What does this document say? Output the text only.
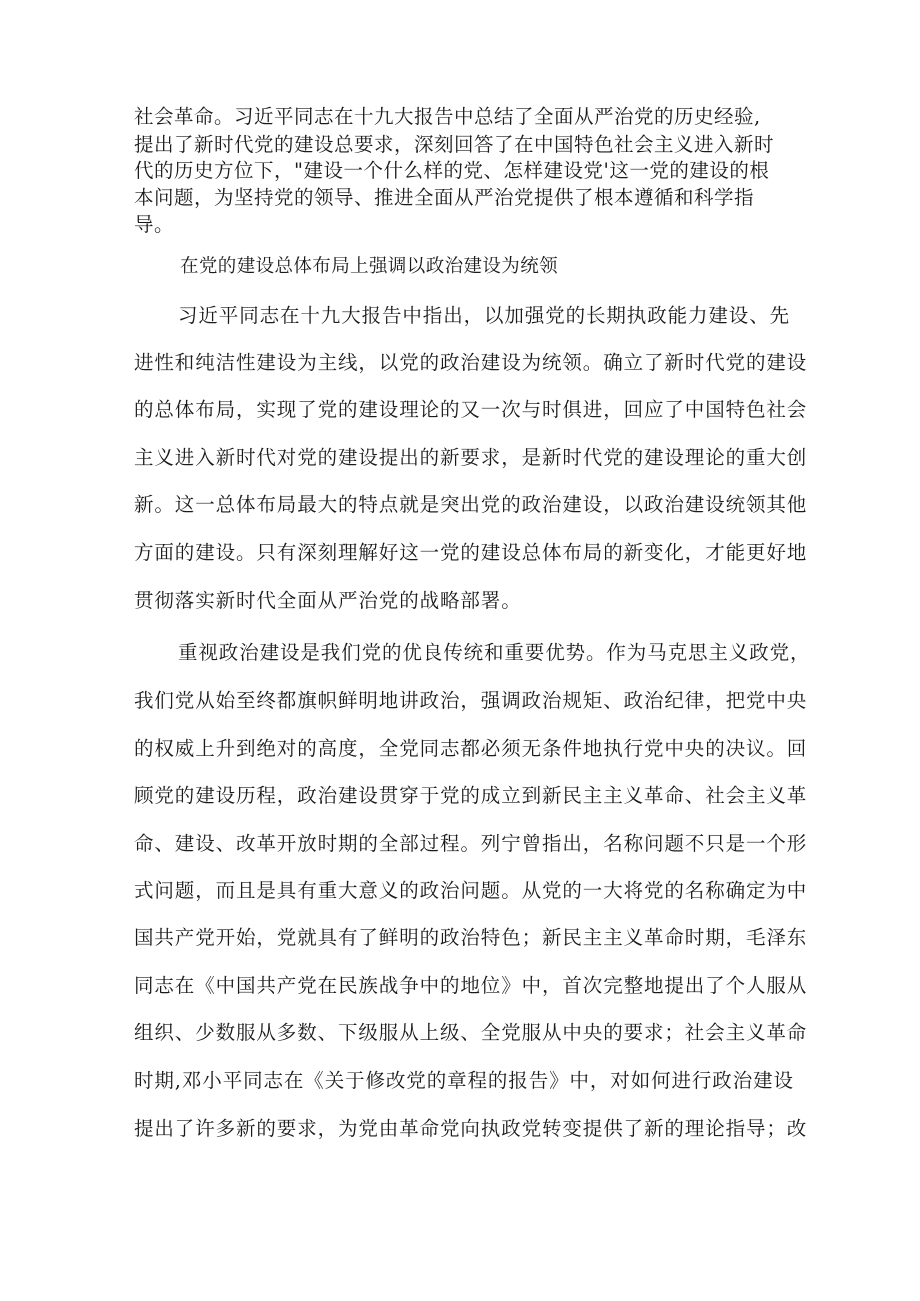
社会革命。习近平同志在十九大报告中总结了全面从严治党的历史经验,

提出了新时代党的建设总要求，深刻回答了在中国特色社会主义进入新时

代的历史方位下，"建设一个什么样的党、怎样建设党'这一党的建设的根

本问题，为坚持党的领导、推进全面从严治党提供了根本遵循和科学指

导。

在党的建设总体布局上强调以政治建设为统领

习近平同志在十九大报告中指出，以加强党的长期执政能力建设、先

进性和纯洁性建设为主线，以党的政治建设为统领。确立了新时代党的建设

的总体布局，实现了党的建设理论的又一次与时俱进，回应了中国特色社会

主义进入新时代对党的建设提出的新要求，是新时代党的建设理论的重大创

新。这一总体布局最大的特点就是突出党的政治建设，以政治建设统领其他

方面的建设。只有深刻理解好这一党的建设总体布局的新变化，才能更好地

贯彻落实新时代全面从严治党的战略部署。

重视政治建设是我们党的优良传统和重要优势。作为马克思主义政党，

我们党从始至终都旗帜鲜明地讲政治，强调政治规矩、政治纪律，把党中央

的权威上升到绝对的高度，全党同志都必须无条件地执行党中央的决议。回

顾党的建设历程，政治建设贯穿于党的成立到新民主主义革命、社会主义革

命、建设、改革开放时期的全部过程。列宁曾指出，名称问题不只是一个形

式问题，而且是具有重大意义的政治问题。从党的一大将党的名称确定为中

国共产党开始，党就具有了鲜明的政治特色；新民主主义革命时期，毛泽东

同志在《中国共产党在民族战争中的地位》中，首次完整地提出了个人服从

组织、少数服从多数、下级服从上级、全党服从中央的要求；社会主义革命

时期,邓小平同志在《关于修改党的章程的报告》中，对如何进行政治建设

提出了许多新的要求，为党由革命党向执政党转变提供了新的理论指导；改
